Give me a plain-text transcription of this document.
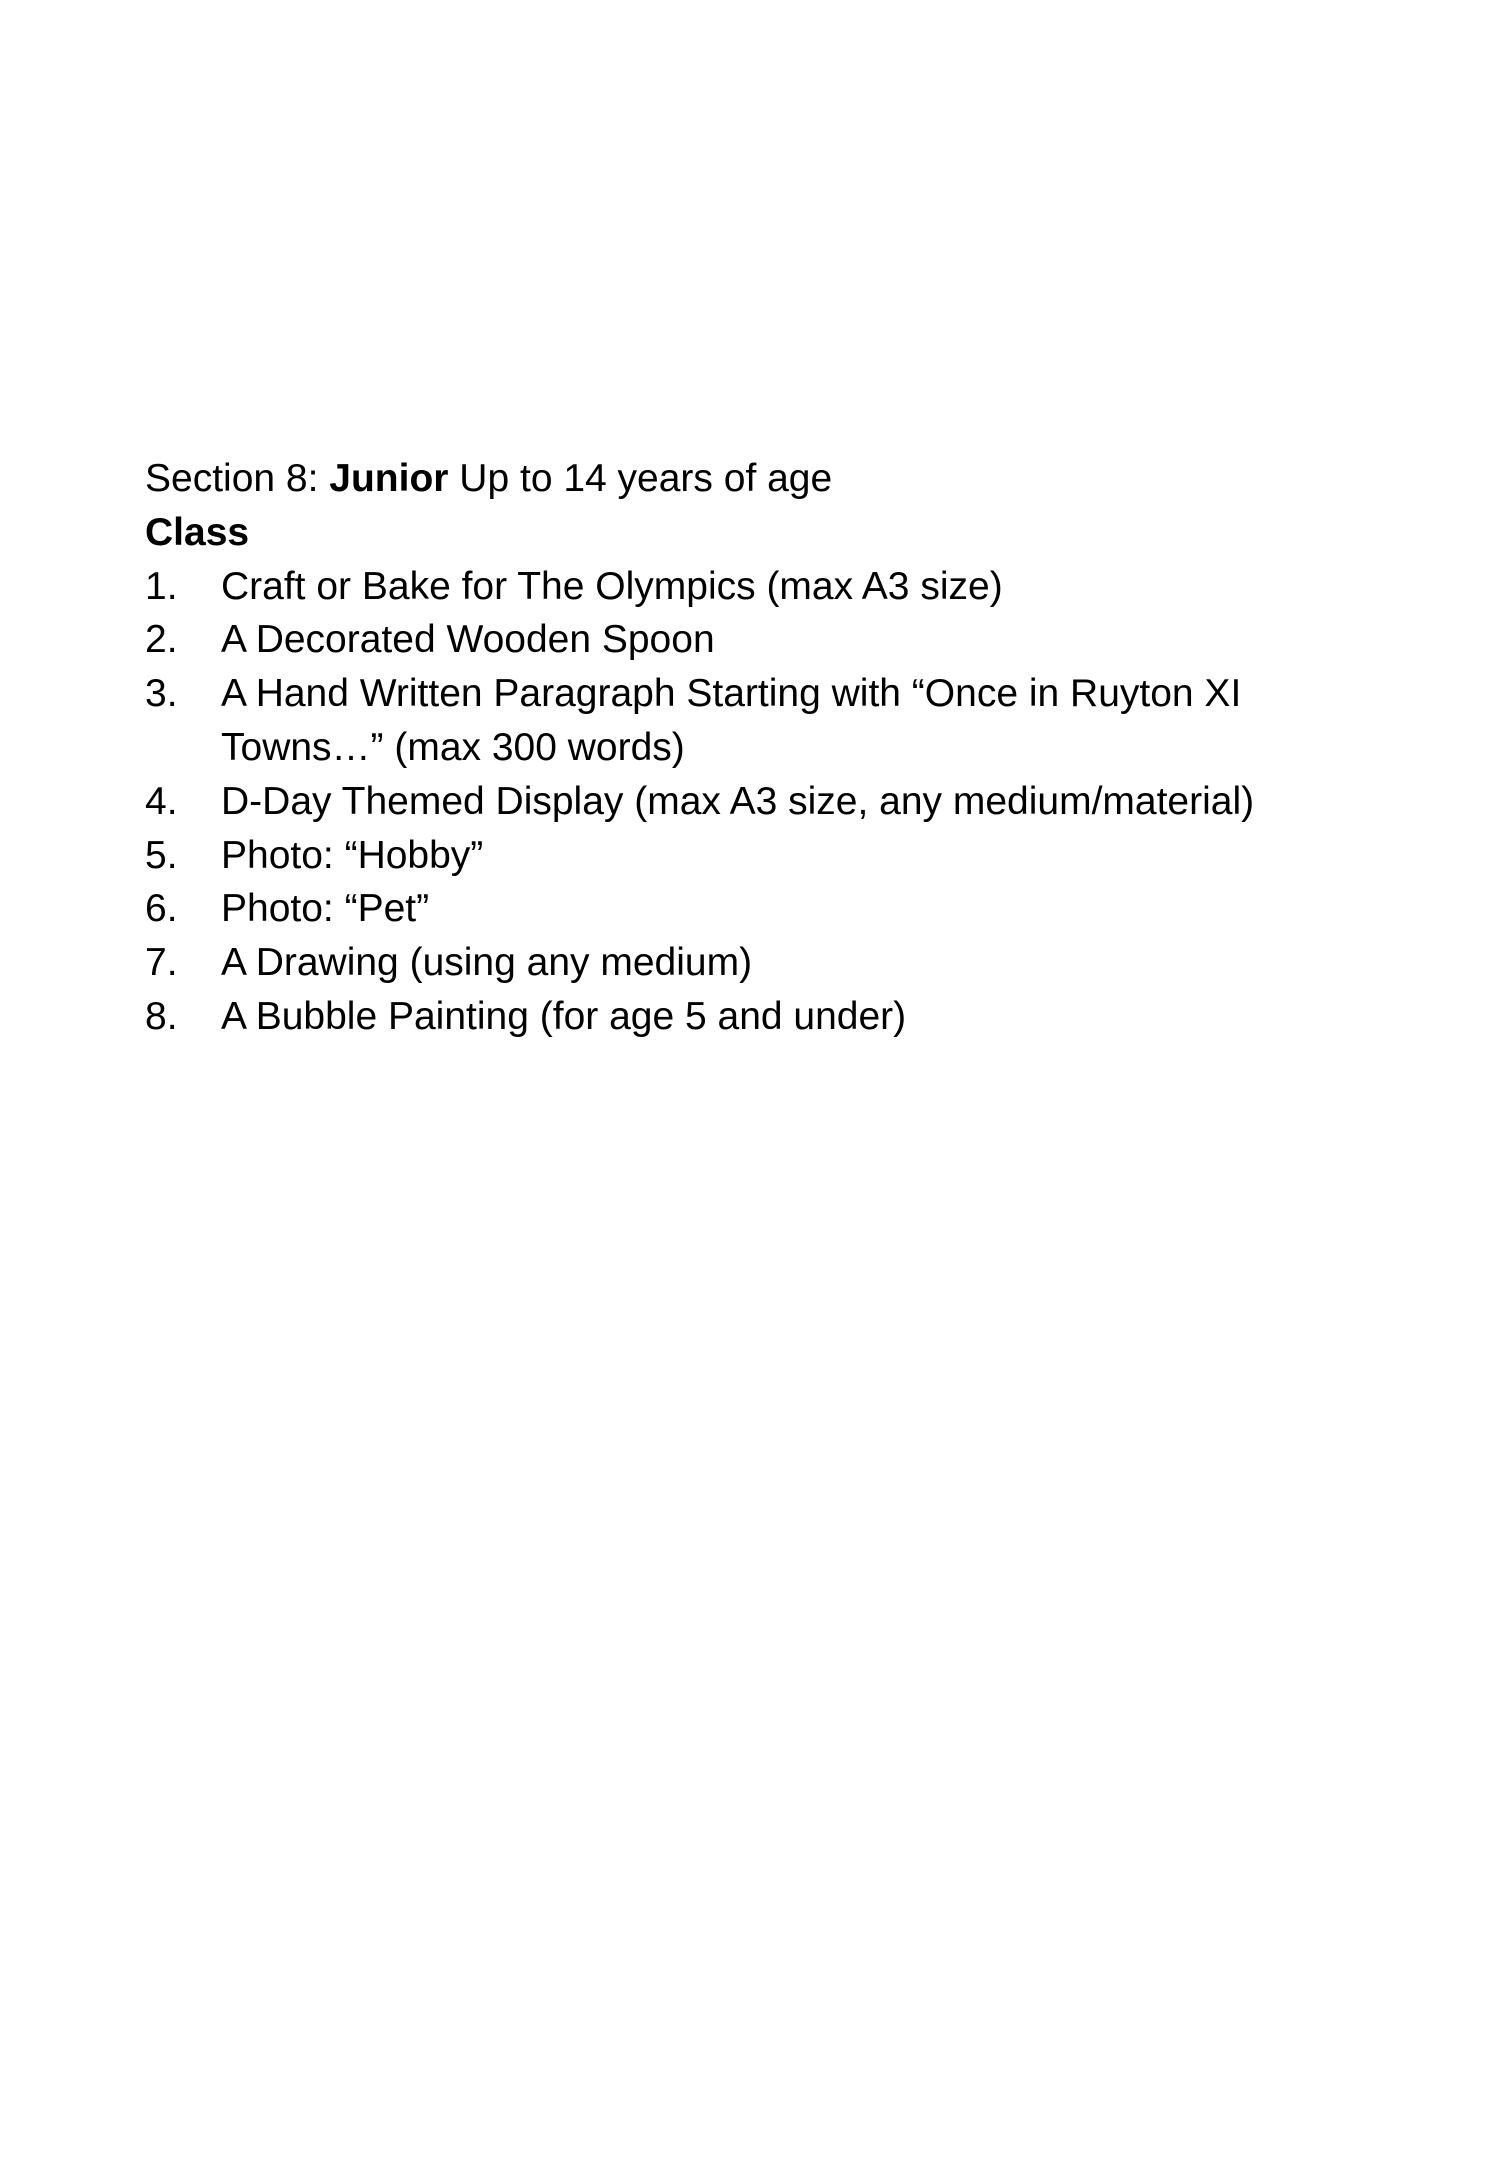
Section 8: Junior Up to 14 years of age

Class

1.	Craft or Bake for The Olympics (max A3 size)
2.	A Decorated Wooden Spoon
3.	A Hand Written Paragraph Starting with “Once in Ruyton XI Towns…” (max 300 words)
4.	D-Day Themed Display (max A3 size, any medium/material)
5.	Photo: “Hobby”
6.	Photo: “Pet”
7.	A Drawing (using any medium)
8.	A Bubble Painting (for age 5 and under)
